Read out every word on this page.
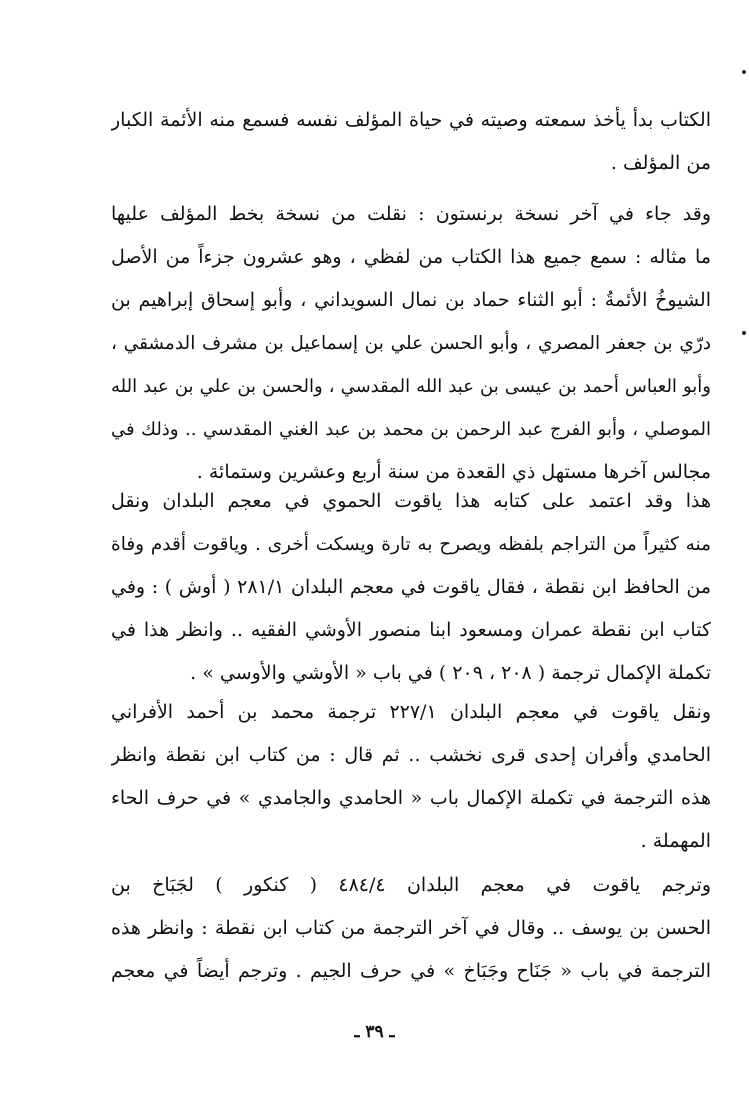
الكتاب بدأ يأخذ سمعته وصيته في حياة المؤلف نفسه فسمع منه الأئمة الكبار
من المؤلف .
وقد جاء في آخر نسخة برنستون : نقلت من نسخة بخط المؤلف عليها
ما مثاله : سمع جميع هذا الكتاب من لفظي ، وهو عشرون جزءاً من الأصل
الشيوخُ الأئمةُ : أبو الثناء حماد بن نمال السويداني ، وأبو إسحاق إبراهيم بن
درّي بن جعفر المصري ، وأبو الحسن علي بن إسماعيل بن مشرف الدمشقي ،
وأبو العباس أحمد بن عيسى بن عبد الله المقدسي ، والحسن بن علي بن عبد الله
الموصلي ، وأبو الفرج عبد الرحمن بن محمد بن عبد الغني المقدسي .. وذلك في
مجالس آخرها مستهل ذي القعدة من سنة أربع وعشرين وستمائة .
هذا وقد اعتمد على كتابه هذا ياقوت الحموي في معجم البلدان ونقل
منه كثيراً من التراجم بلفظه ويصرح به تارة ويسكت أخرى . وياقوت أقدم وفاة
من الحافظ ابن نقطة ، فقال ياقوت في معجم البلدان ٢٨١/١ ( أوش ) : وفي
كتاب ابن نقطة عمران ومسعود ابنا منصور الأوشي الفقيه .. وانظر هذا في
تكملة الإكمال ترجمة ( ٢٠٨ ، ٢٠٩ ) في باب « الأوشي والأوسي » .
ونقل ياقوت في معجم البلدان ٢٢٧/١ ترجمة محمد بن أحمد الأفراني
الحامدي وأفران إحدى قرى نخشب .. ثم قال : من كتاب ابن نقطة وانظر
هذه الترجمة في تكملة الإكمال باب « الحامدي والجامدي » في حرف الحاء
المهملة .
وترجم ياقوت في معجم البلدان ٤٨٤/٤ ( كنكور ) لجَبَاخ بن
الحسن بن يوسف .. وقال في آخر الترجمة من كتاب ابن نقطة : وانظر هذه
الترجمة في باب « جَنَاح وجَبَاخ » في حرف الجيم . وترجم أيضاً في معجم
ـ ٣٩ ـ
